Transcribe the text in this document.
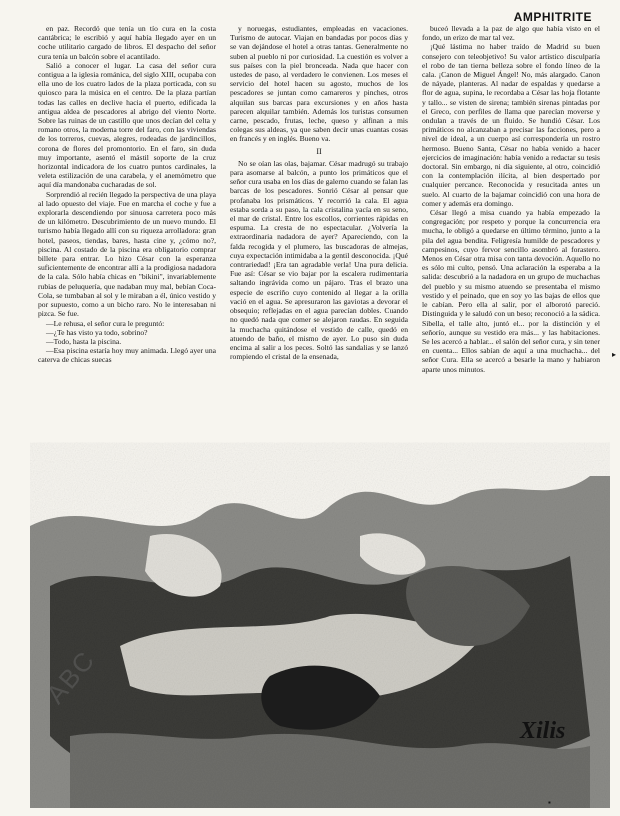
AMPHITRITE

en paz. Recordó que tenía un tío cura en la costa cantábrica; le escribió y aquí había llegado ayer en un coche utilitario cargado de libros. El despacho del señor cura tenía un balcón sobre el acantilado.

Salió a conocer el lugar. La casa del señor cura contigua a la iglesia románica, del siglo XIII, ocupaba con ella uno de los cuatro lados de la plaza porticada, con su quiosco para la música en el centro. De la plaza partían todas las calles en declive hacia el puerto, edificada la antigua aldea de pescadores al abrigo del viento Norte. Sobre las ruinas de un castillo que unos decían del celta y romano otros, la moderna torre del faro, con las viviendas de los torreros, cuevas, alegres, rodeadas de jardincillos, corona de flores del promontorio. En el faro, sin duda muy importante, asentó el mástil soporte de la cruz horizontal indicadora de los cuatro puntos cardinales, la veleta estilización de una carabela, y el anemómetro que aquí día mandonaba cucharadas de sol.

Sorprendió al recién llegado la perspectiva de una playa al lado opuesto del viaje. Fue en marcha el coche y fue a explorarla descendiendo por sinuosa carretera poco más de un kilómetro. Descubrimiento de un nuevo mundo. El turismo había llegado allí con su riqueza arrolladora: gran hotel, paseos, tiendas, bares, hasta cine y, ¿cómo no?, piscina. Al costado de la piscina era obligatorio comprar billete para entrar. Lo hizo César con la esperanza suficientemente de encontrar allí a la prodigiosa nadadora de la cala. Sólo había chicas en "bikini", invariablemente rubias de peluquería, que nadaban muy mal, bebían Coca-Cola, se tumbaban al sol y le miraban a él, único vestido y por supuesto, como a un bicho raro. No le interesaban ni pizca. Se fue.

—Le rehusa, el señor cura le preguntó:

—¿Te has visto ya todo, sobrino?

—Todo, hasta la piscina.

—Esa piscina estaría hoy muy animada. Llegó ayer una caterva de chicas suecas

y noruegas, estudiantes, empleadas en vacaciones. Turismo de autocar. Viajan en bandadas por pocos días y se van dejándose el hotel a otras tantas. Generalmente no suben al pueblo ni por curiosidad. La cuestión es volver a sus países con la piel bronceada. Nada que hacer con ustedes de paso, al verdadero le convienen. Los meses el servicio del hotel hacen su agosto, muchos de los pescadores se juntan como camareros y pinches, otros alquilan sus barcas para excursiones y en años hasta parecen alquilar también. Además los turistas consumen carne, pescado, frutas, leche, queso y alfinan a mis colegas sus aldeas, ya que saben decir unas cuantas cosas en francés y en inglés. Bueno va.

II

No se oían las olas, bajamar. César madrugó su trabajo para asomarse al balcón, a punto los primáticos que el señor cura usaba en los días de galerno cuando se falan las barcas de los pescadores. Sonrió César al pensar que profanaba los prismáticos. Y recorrió la cala. El agua estaba sorda a su paso, la cala cristalina yacía en su seno, el mar de cristal. Entre los escollos, corrientes rápidas en espuma. La cresta de no espectacular. ¿Volvería la extraordinaria nadadora de ayer? Apareciendo, con la falda recogida y el plumero, las buscadoras de almejas, cuya expectación intimidaba a la gentil desconocida. ¡Qué contrariedad! ¡Era tan agradable verla! Una pura delicia. Fue así: César se vio bajar por la escalera rudimentaria saltando ingrávida como un pájaro. Tras el brazo una especie de escriño cuyo contenido al llegar a la orilla vació en el agua. Se apresuraron las gaviotas a devorar el obsequio; reflejadas en el agua parecían dobles. Cuando no quedó nada que comer se alejaron raudas. En seguida la muchacha quitándose el vestido de calle, quedó en atuendo de baño, el mismo de ayer. Lo puso sin duda encima al salir a los peces. Soltó las sandalias y se lanzó rompiendo el cristal de la ensenada,

buceó llevada a la paz de algo que había visto en el fondo, un erizo de mar tal vez.

¡Qué lástima no haber traído de Madrid su buen consejero con teleobjetivo! Su valor artístico disculparía el robo de tan tierna belleza sobre el fondo líneo de la cala. ¡Canon de Miguel Ángel! No, más alargado. Canon de náyade, planteras. Al nadar de espaldas y quedarse a flor de agua, supina, le recordaba a César las hoja flotante y tallo... se visten de sirena; también sirenas pintadas por el Greco, con perfiles de llama que parecían moverse y ondulan a través de un fluido. Se hundió César. Los primáticos no alcanzaban a precisar las facciones, pero a nivel de ideal, a un cuerpo así correspondería un rostro hermoso. Bueno Santa, César no había venido a hacer ejercicios de imaginación: había venido a redactar su tesis doctoral. Sin embargo, ni día siguiente, al otro, coincidió con la contemplación ilícita, al bien despertado por cualquier percance. Reconocida y resucitada antes un suelo. Al cuarto de la bajamar coincidió con una hora de comer y además era domingo.

César llegó a misa cuando ya había empezado la congregación; por respeto y porque la concurrencia era mucha, le obligó a quedarse en último término, junto a la pila del agua bendita. Feligresía humilde de pescadores y campesinos, cuyo fervor sencillo asombró al forastero. Menos en César otra misa con tanta devoción. Aquello no es sólo mi culto, pensó. Una aclaración la esperaba a la salida: descubrió a la nadadora en un grupo de muchachas del pueblo y su mismo atuendo se presentaba el mismo vestido y el peinado, que en soy yo las bajas de ellos que le cabían. Pero ella al salir, por el alborotó pareció. Distinguida y le saludó con un beso; reconoció a la sádica. Sibella, el talle alto, juntó el... por la distinción y el señorío, aunque su vestido era más... y las habitaciones. Se les acercó a hablar... el salón del señor cura, y sin tener en cuenta... Ellos sabían de aquí a una muchacha... del señor Cura. Ella se acercó a besarle la mano y habiaron aparte unos minutos.

ABC
Xilis
▸
▪
